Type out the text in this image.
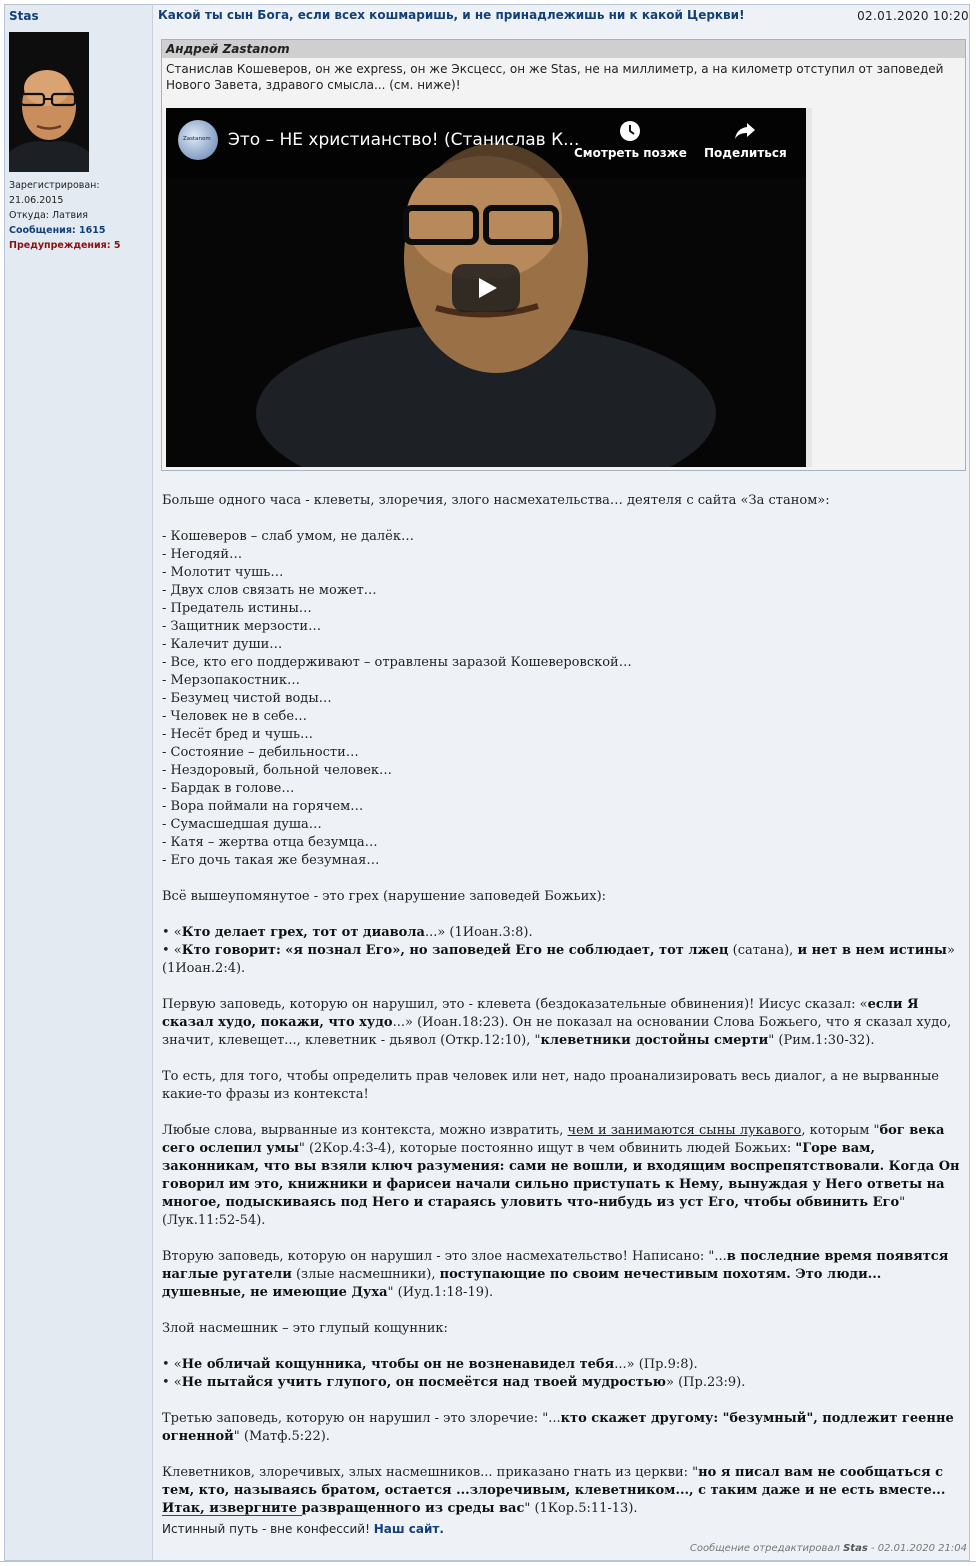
Stas
Зарегистрирован:
21.06.2015
Откуда: Латвия
Сообщения: 1615
Предупреждения: 5
Какой ты сын Бога, если всех кошмаришь, и не принадлежишь ни к какой Церкви!	02.01.2020 10:20
Андрей Zastanom
Станислав Кошеверов, он же express, он же Эксцесс, он же Stas, не на миллиметр, а на километр отступил от заповедей Нового Завета, здравого смысла... (см. ниже)!
Zastanom Это – НЕ христианство! (Станислав К...
Смотреть позже Поделиться

Больше одного часа - клеветы, злоречия, злого насмехательства… деятеля с сайта «За станом»:

- Кошеверов – слаб умом, не далёк…

- Негодяй…

- Молотит чушь…

- Двух слов связать не может…

- Предатель истины…

- Защитник мерзости…

- Калечит души…

- Все, кто его поддерживают – отравлены заразой Кошеверовской…

- Мерзопакостник…

- Безумец чистой воды…

- Человек не в себе…

- Несёт бред и чушь…

- Состояние – дебильности…

- Нездоровый, больной человек…

- Бардак в голове…

- Вора поймали на горячем…

- Сумасшедшая душа…

- Катя – жертва отца безумца…

- Его дочь такая же безумная…

Всё вышеупомянутое - это грех (нарушение заповедей Божьих):

• «Кто делает грех, тот от диавола...» (1Иоан.3:8).

• «Кто говорит: «я познал Его», но заповедей Его не соблюдает, тот лжец (сатана), и нет в нем истины» (1Иоан.2:4).

Первую заповедь, которую он нарушил, это - клевета (бездоказательные обвинения)! Иисус сказал: «если Я сказал худо, покажи, что худо...» (Иоан.18:23). Он не показал на основании Слова Божьего, что я сказал худо, значит, клевещет..., клеветник - дьявол (Откр.12:10), "клеветники достойны смерти" (Рим.1:30-32).

То есть, для того, чтобы определить прав человек или нет, надо проанализировать весь диалог, а не вырванные какие-то фразы из контекста!

Любые слова, вырванные из контекста, можно извратить, чем и занимаются сыны лукавого, которым "бог века сего ослепил умы" (2Кор.4:3-4), которые постоянно ищут в чем обвинить людей Божьих: "Горе вам, законникам, что вы взяли ключ разумения: сами не вошли, и входящим воспрепятствовали. Когда Он говорил им это, книжники и фарисеи начали сильно приступать к Нему, вынуждая у Него ответы на многое, подыскиваясь под Него и стараясь уловить что-нибудь из уст Его, чтобы обвинить Его" (Лук.11:52-54).

Вторую заповедь, которую он нарушил - это злое насмехательство! Написано: "...в последние время появятся наглые ругатели (злые насмешники), поступающие по своим нечестивым похотям. Это люди... душевные, не имеющие Духа" (Иуд.1:18-19).

Злой насмешник – это глупый кощунник:

• «Не обличай кощунника, чтобы он не возненавидел тебя...» (Пр.9:8).

• «Не пытайся учить глупого, он посмеётся над твоей мудростью» (Пр.23:9).

Третью заповедь, которую он нарушил - это злоречие: "...кто скажет другому: "безумный", подлежит геенне огненной" (Матф.5:22).

Клеветников, злоречивых, злых насмешников... приказано гнать из церкви: "но я писал вам не сообщаться с тем, кто, называясь братом, остается ...злоречивым, клеветником..., с таким даже и не есть вместе... Итак, извергните развращенного из среды вас" (1Кор.5:11-13).

Истинный путь - вне конфессий! Наш сайт.
Сообщение отредактировал Stas - 02.01.2020 21:04
